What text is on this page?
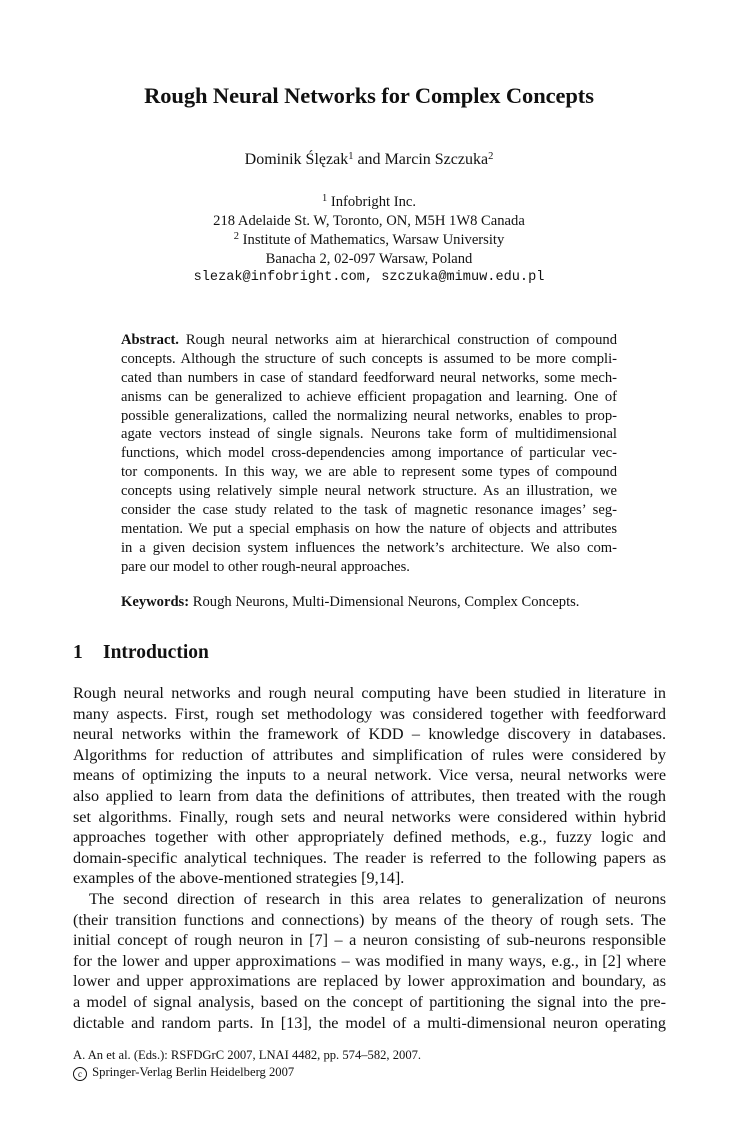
Rough Neural Networks for Complex Concepts
Dominik Ślęzak$^1$ and Marcin Szczuka$^2$
$^1$ Infobright Inc.
218 Adelaide St. W, Toronto, ON, M5H 1W8 Canada
$^2$ Institute of Mathematics, Warsaw University
Banacha 2, 02-097 Warsaw, Poland
slezak@infobright.com, szczuka@mimuw.edu.pl
Abstract. Rough neural networks aim at hierarchical construction of compound
concepts. Although the structure of such concepts is assumed to be more compli-
cated than numbers in case of standard feedforward neural networks, some mech-
anisms can be generalized to achieve efficient propagation and learning. One of
possible generalizations, called the normalizing neural networks, enables to prop-
agate vectors instead of single signals. Neurons take form of multidimensional
functions, which model cross-dependencies among importance of particular vec-
tor components. In this way, we are able to represent some types of compound
concepts using relatively simple neural network structure. As an illustration, we
consider the case study related to the task of magnetic resonance images’ seg-
mentation. We put a special emphasis on how the nature of objects and attributes
in a given decision system influences the network’s architecture. We also com-
pare our model to other rough-neural approaches.
Keywords: Rough Neurons, Multi-Dimensional Neurons, Complex Concepts.
1 Introduction
Rough neural networks and rough neural computing have been studied in literature in
many aspects. First, rough set methodology was considered together with feedforward
neural networks within the framework of KDD – knowledge discovery in databases.
Algorithms for reduction of attributes and simplification of rules were considered by
means of optimizing the inputs to a neural network. Vice versa, neural networks were
also applied to learn from data the definitions of attributes, then treated with the rough
set algorithms. Finally, rough sets and neural networks were considered within hybrid
approaches together with other appropriately defined methods, e.g., fuzzy logic and
domain-specific analytical techniques. The reader is referred to the following papers as
examples of the above-mentioned strategies [9,14].
The second direction of research in this area relates to generalization of neurons
(their transition functions and connections) by means of the theory of rough sets. The
initial concept of rough neuron in [7] – a neuron consisting of sub-neurons responsible
for the lower and upper approximations – was modified in many ways, e.g., in [2] where
lower and upper approximations are replaced by lower approximation and boundary, as
a model of signal analysis, based on the concept of partitioning the signal into the pre-
dictable and random parts. In [13], the model of a multi-dimensional neuron operating
A. An et al. (Eds.): RSFDGrC 2007, LNAI 4482, pp. 574–582, 2007.
c Springer-Verlag Berlin Heidelberg 2007
